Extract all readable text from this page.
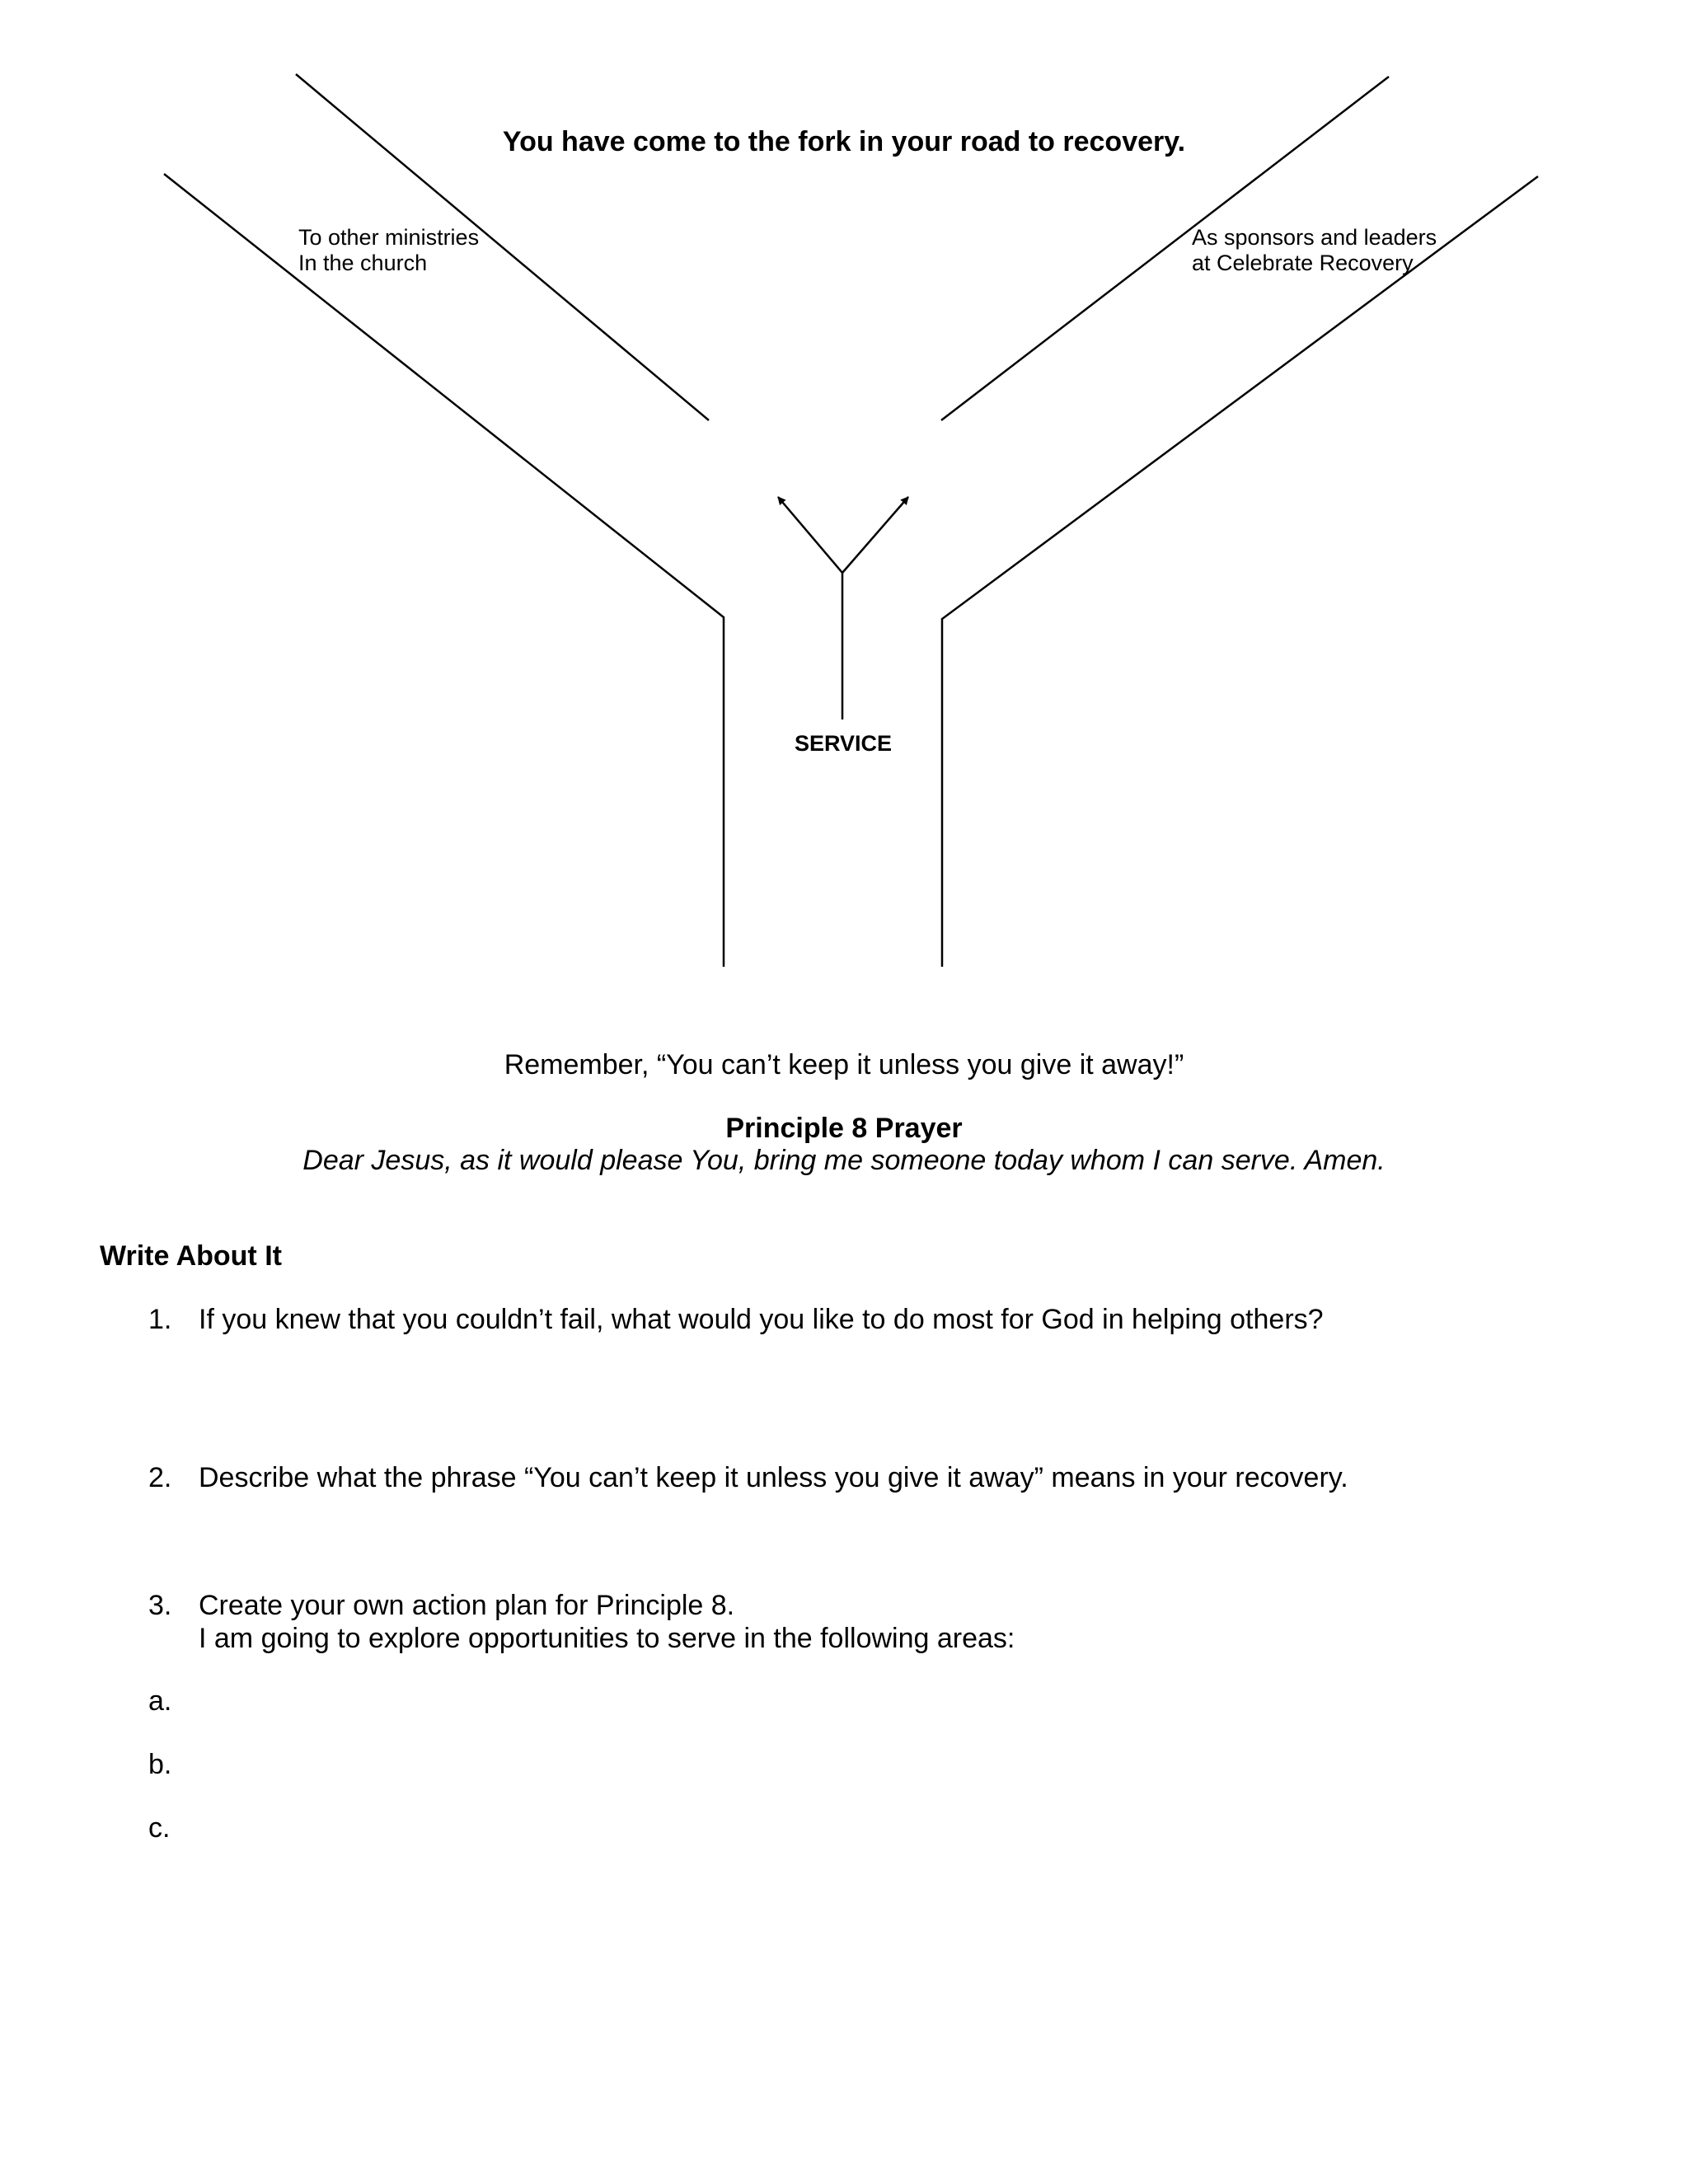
You have come to the fork in your road to recovery.
To other ministries
In the church
As sponsors and leaders
at Celebrate Recovery
SERVICE
Remember, “You can’t keep it unless you give it away!”
Principle 8 Prayer
Dear Jesus, as it would please You, bring me someone today whom I can serve. Amen.
Write About It
1. If you knew that you couldn’t fail, what would you like to do most for God in helping others?
2. Describe what the phrase “You can’t keep it unless you give it away” means in your recovery.
3. Create your own action plan for Principle 8.
I am going to explore opportunities to serve in the following areas:
a.
b.
c.
